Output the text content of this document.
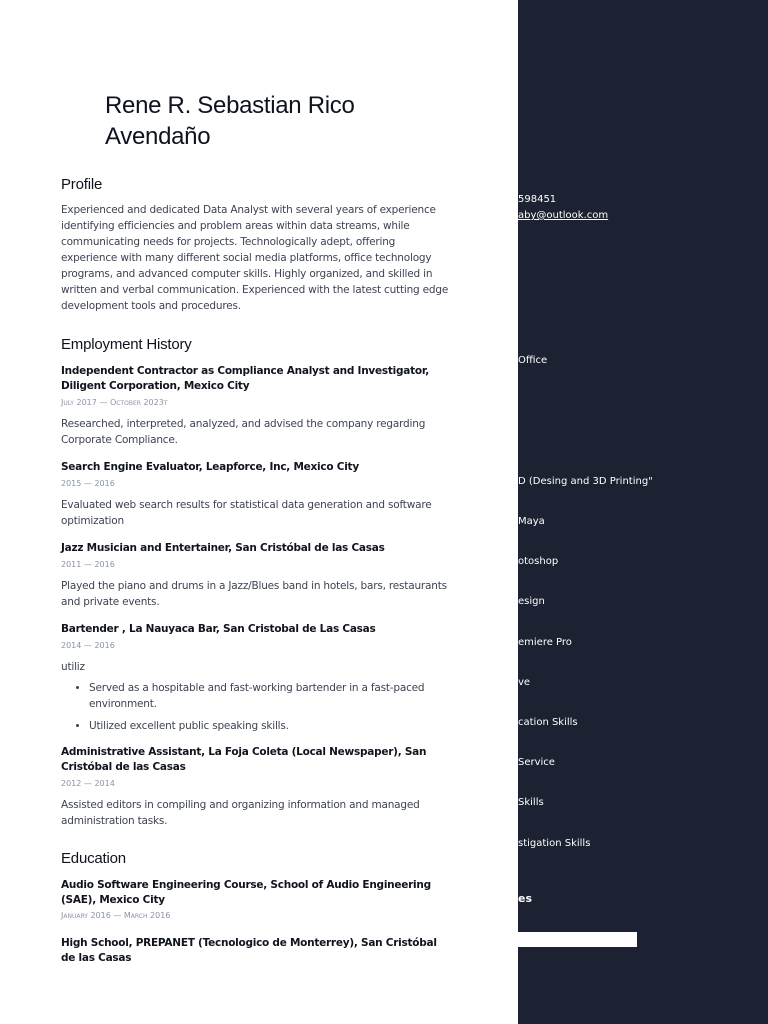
Rene R. Sebastian Rico Avendaño
Profile

Experienced and dedicated Data Analyst with several years of experience identifying efficiencies and problem areas within data streams, while communicating needs for projects. Technologically adept, offering experience with many different social media platforms, office technology programs, and advanced computer skills. Highly organized, and skilled in written and verbal communication. Experienced with the latest cutting edge development tools and procedures.

Employment History

Independent Contractor as Compliance Analyst and Investigator, Diligent Corporation, Mexico City

July 2017 — October 2023t

Researched, interpreted, analyzed, and advised the company regarding Corporate Compliance.

Search Engine Evaluator, Leapforce, Inc, Mexico City

2015 — 2016

Evaluated web search results for statistical data generation and software optimization

Jazz Musician and Entertainer, San Cristóbal de las Casas

2011 — 2016

Played the piano and drums in a Jazz/Blues band in hotels, bars, restaurants and private events.

Bartender , La Nauyaca Bar, San Cristobal de Las Casas

2014 — 2016

utiliz

• Served as a hospitable and fast-working bartender in a fast-paced environment.
• Utilized excellent public speaking skills.

Administrative Assistant, La Foja Coleta (Local Newspaper), San Cristóbal de las Casas

2012 — 2014

Assisted editors in compiling and organizing information and managed administration tasks.

Education

Audio Software Engineering Course, School of Audio Engineering (SAE), Mexico City

January 2016 — March 2016

High School, PREPANET (Tecnologico de Monterrey), San Cristóbal de las Casas

598451
aby@outlook.com
Office
D (Desing and 3D Printing"
Maya
otoshop
esign
emiere Pro
ve
cation Skills
Service
Skills
stigation Skills
es
